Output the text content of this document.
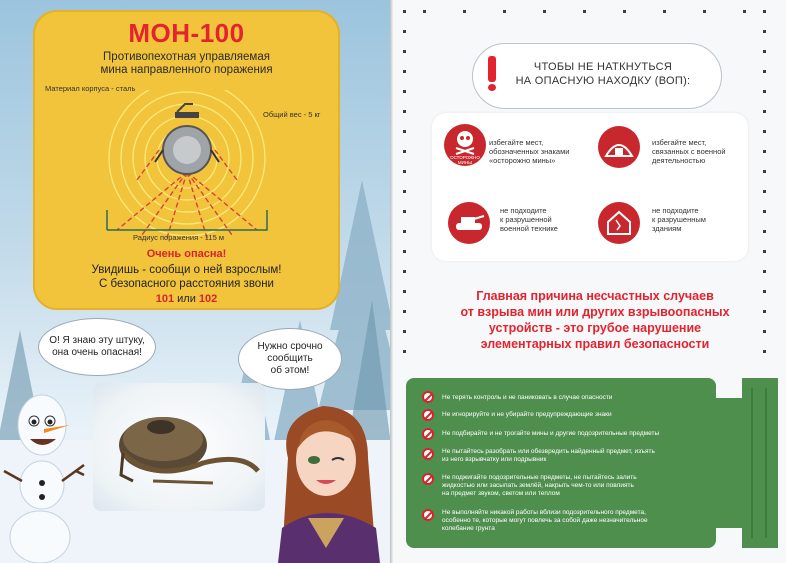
МОН-100
Противопехотная управляемая
мина направленного поражения
Материал корпуса - сталь
Общий вес - 5 кг
Радиус поражения - 115 м
Очень опасна!
Увидишь - сообщи о ней взрослым!
С безопасного расстояния звони
101 или 102
О! Я знаю эту штуку,
она очень опасная!
Нужно срочно
сообщить
об этом!
ЧТОБЫ НЕ НАТКНУТЬСЯ
НА ОПАСНУЮ НАХОДКУ (ВОП):
ОСТОРОЖНО
МИНЫ
избегайте мест,
обозначенных знаками
«осторожно мины»
избегайте мест,
связанных с военной
деятельностью
не подходите
к разрушенной
военной технике
не подходите
к разрушенным
зданиям
Главная причина несчастных случаев
от взрыва мин или других взрывоопасных
устройств - это грубое нарушение
элементарных правил безопасности
Не терять контроль и не паниковать в случае опасности
Не игнорируйте и не убирайте предупреждающие знаки
Не подбирайте и не трогайте мины и другие подозрительные предметы
Не пытайтесь разобрать или обезвредить найденный предмет, изъять
из него взрывчатку или подрывник
Не поджигайте подозрительные предметы, не пытайтесь залить
жидкостью или засыпать землёй, накрыть чем-то или повлиять
на предмет звуком, светом или теплом
Не выполняйте никакой работы вблизи подозрительного предмета,
особенно те, которые могут повлечь за собой даже незначительное
колебание грунта
